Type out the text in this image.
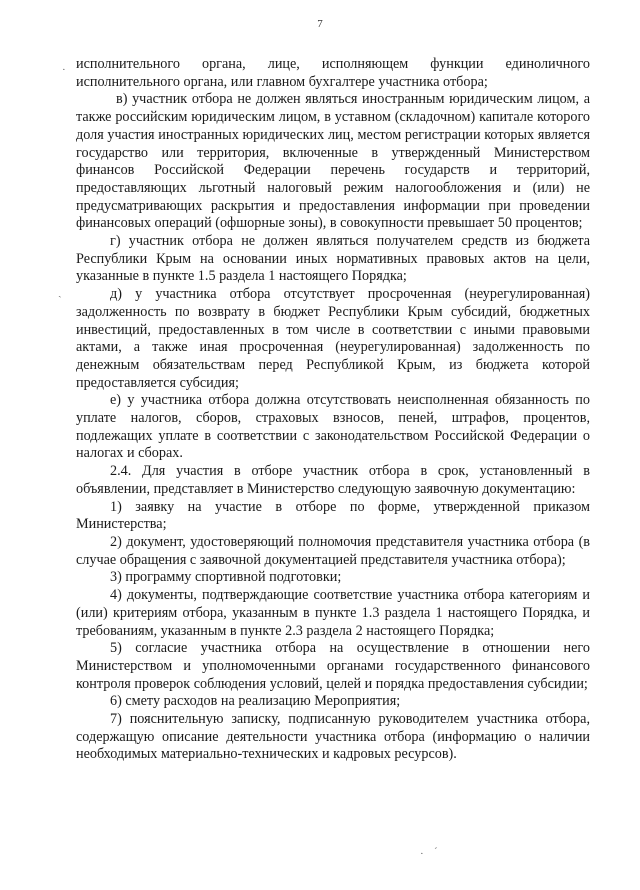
7

исполнительного органа, лице, исполняющем функции единоличного исполнительного органа, или главном бухгалтере участника отбора;

в) участник отбора не должен являться иностранным юридическим лицом, а также российским юридическим лицом, в уставном (складочном) капитале которого доля участия иностранных юридических лиц, местом регистрации которых является государство или территория, включенные в утвержденный Министерством финансов Российской Федерации перечень государств и территорий, предоставляющих льготный налоговый режим налогообложения и (или) не предусматривающих раскрытия и предоставления информации при проведении финансовых операций (офшорные зоны), в совокупности превышает 50 процентов;

г) участник отбора не должен являться получателем средств из бюджета Республики Крым на основании иных нормативных правовых актов на цели, указанные в пункте 1.5 раздела 1 настоящего Порядка;

д) у участника отбора отсутствует просроченная (неурегулированная) задолженность по возврату в бюджет Республики Крым субсидий, бюджетных инвестиций, предоставленных в том числе в соответствии с иными правовыми актами, а также иная просроченная (неурегулированная) задолженность по денежным обязательствам перед Республикой Крым, из бюджета которой предоставляется субсидия;

е) у участника отбора должна отсутствовать неисполненная обязанность по уплате налогов, сборов, страховых взносов, пеней, штрафов, процентов, подлежащих уплате в соответствии с законодательством Российской Федерации о налогах и сборах.

2.4. Для участия в отборе участник отбора в срок, установленный в объявлении, представляет в Министерство следующую заявочную документацию:

1) заявку на участие в отборе по форме, утвержденной приказом Министерства;

2) документ, удостоверяющий полномочия представителя участника отбора (в случае обращения с заявочной документацией представителя участника отбора);

3) программу спортивной подготовки;

4) документы, подтверждающие соответствие участника отбора категориям и (или) критериям отбора, указанным в пункте 1.3 раздела 1 настоящего Порядка, и требованиям, указанным в пункте 2.3 раздела 2 настоящего Порядка;

5) согласие участника отбора на осуществление в отношении него Министерством и уполномоченными органами государственного финансового контроля проверок соблюдения условий, целей и порядка предоставления субсидии;

6) смету расходов на реализацию Мероприятия;

7) пояснительную записку, подписанную руководителем участника отбора, содержащую описание деятельности участника отбора (информацию о наличии необходимых материально-технических и кадровых ресурсов).

·
ˎ
· ˊ
